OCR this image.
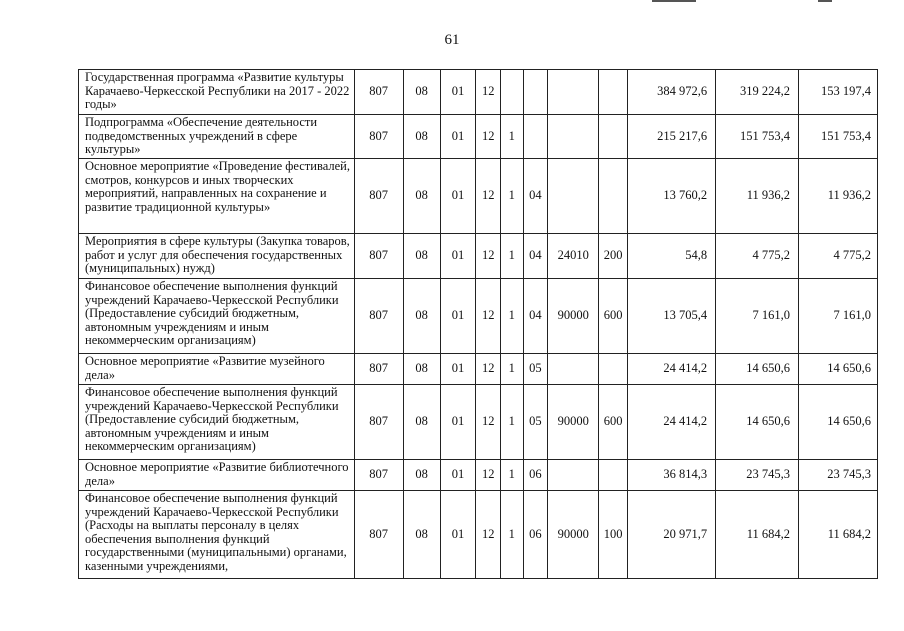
61
Государственная программа «Развитие культуры Карачаево-Черкесской Республики на 2017 - 2022 годы»	807	08	01	12					384 972,6	319 224,2	153 197,4
Подпрограмма «Обеспечение деятельности подведомственных учреждений в сфере культуры»	807	08	01	12	1				215 217,6	151 753,4	151 753,4
Основное мероприятие «Проведение фестивалей, смотров, конкурсов и иных творческих мероприятий, направленных на сохранение и развитие традиционной культуры»	807	08	01	12	1	04			13 760,2	11 936,2	11 936,2
Мероприятия в сфере культуры (Закупка товаров, работ и услуг для обеспечения государственных (муниципальных) нужд)	807	08	01	12	1	04	24010	200	54,8	4 775,2	4 775,2
Финансовое обеспечение выполнения функций учреждений Карачаево-Черкесской Республики (Предоставление субсидий бюджетным, автономным учреждениям и иным некоммерческим организациям)	807	08	01	12	1	04	90000	600	13 705,4	7 161,0	7 161,0
Основное мероприятие «Развитие музейного дела»	807	08	01	12	1	05			24 414,2	14 650,6	14 650,6
Финансовое обеспечение выполнения функций учреждений Карачаево-Черкесской Республики (Предоставление субсидий бюджетным, автономным учреждениям и иным некоммерческим организациям)	807	08	01	12	1	05	90000	600	24 414,2	14 650,6	14 650,6
Основное мероприятие «Развитие библиотечного дела»	807	08	01	12	1	06			36 814,3	23 745,3	23 745,3
Финансовое обеспечение выполнения функций учреждений Карачаево-Черкесской Республики (Расходы на выплаты персоналу в целях обеспечения выполнения функций государственными (муниципальными) органами, казенными учреждениями,	807	08	01	12	1	06	90000	100	20 971,7	11 684,2	11 684,2
